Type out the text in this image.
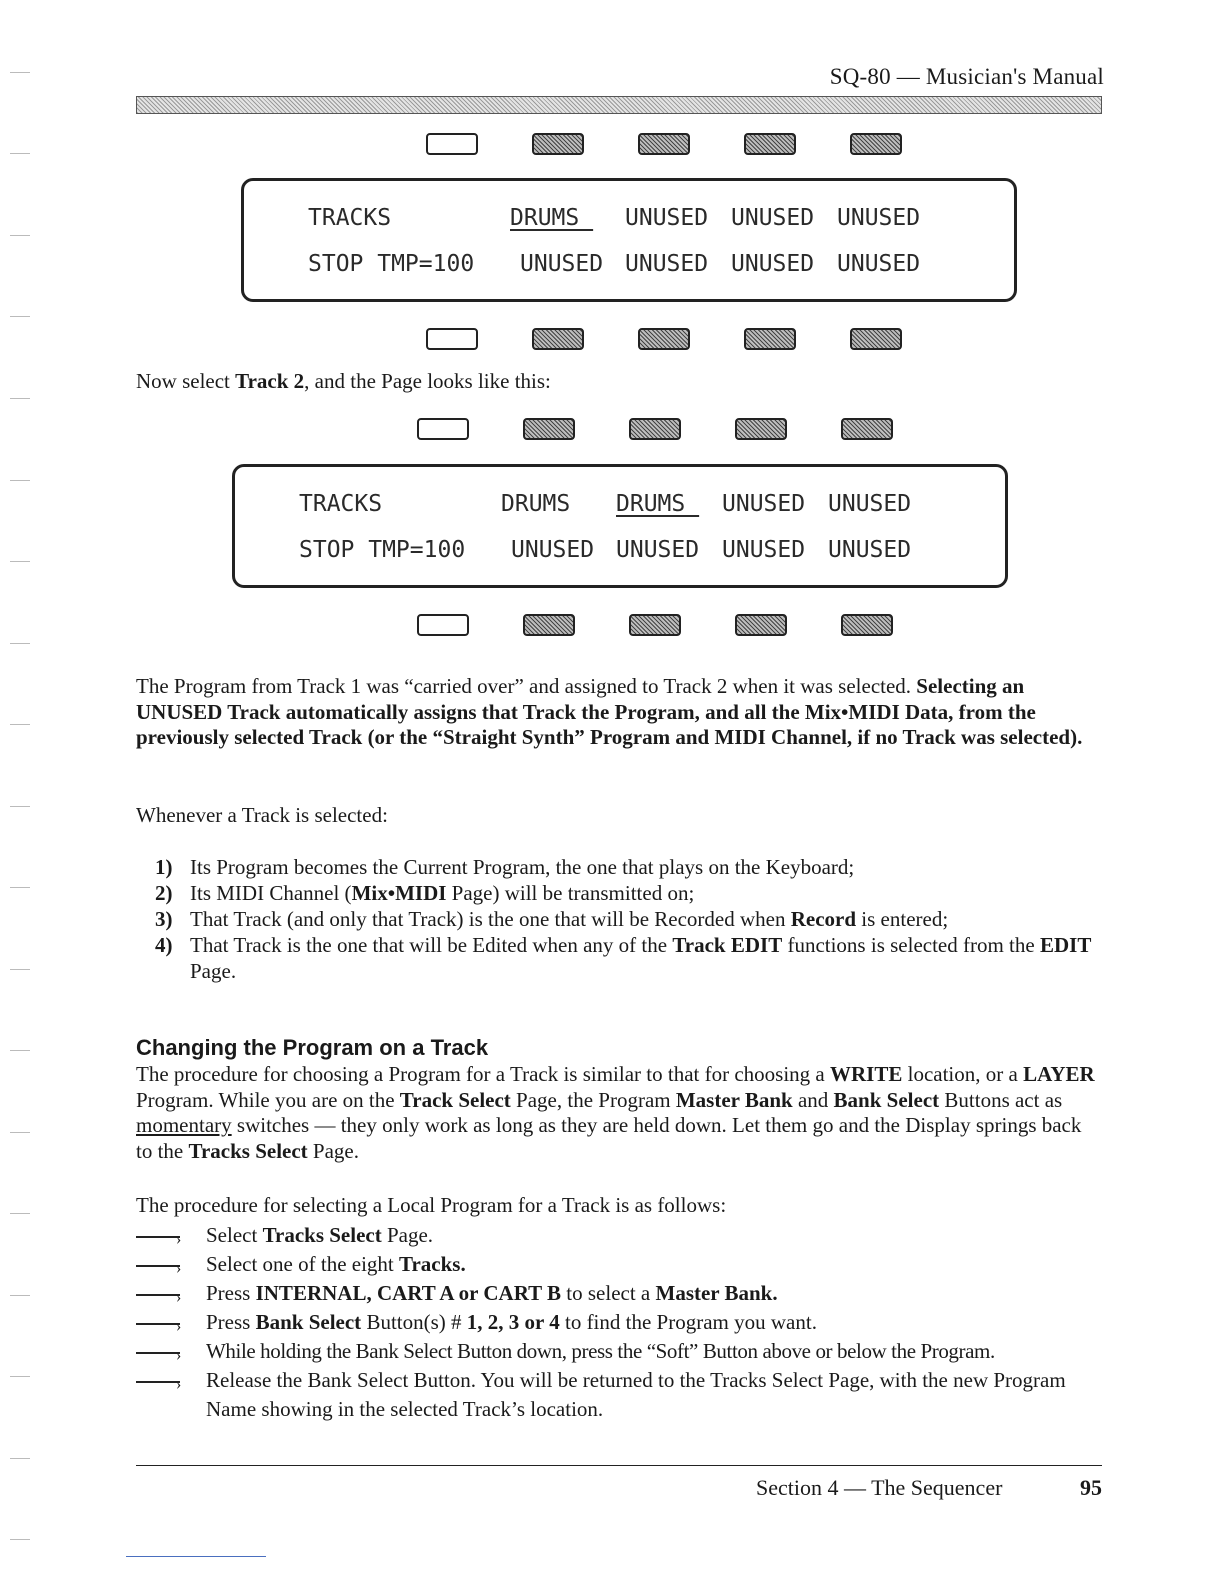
SQ-80 — Musician's Manual
TRACKS	DRUMS_ UNUSED UNUSED UNUSED
STOP TMP=100 UNUSED UNUSED UNUSED UNUSED
Now select Track 2, and the Page looks like this:
TRACKS	DRUMS DRUMS_ UNUSED UNUSED
STOP TMP=100 UNUSED UNUSED UNUSED UNUSED
The Program from Track 1 was “carried over” and assigned to Track 2 when it was selected. Selecting an UNUSED Track automatically assigns that Track the Program, and all the Mix•MIDI Data, from the previously selected Track (or the “Straight Synth” Program and MIDI Channel, if no Track was selected).
Whenever a Track is selected:
1) Its Program becomes the Current Program, the one that plays on the Keyboard;
2) Its MIDI Channel (Mix•MIDI Page) will be transmitted on;
3) That Track (and only that Track) is the one that will be Recorded when Record is entered;
4) That Track is the one that will be Edited when any of the Track EDIT functions is selected from the EDIT Page.
Changing the Program on a Track
The procedure for choosing a Program for a Track is similar to that for choosing a WRITE location, or a LAYER Program. While you are on the Track Select Page, the Program Master Bank and Bank Select Buttons act as momentary switches — they only work as long as they are held down. Let them go and the Display springs back to the Tracks Select Page.
The procedure for selecting a Local Program for a Track is as follows:
› Select Tracks Select Page.
› Select one of the eight Tracks.
› Press INTERNAL, CART A or CART B to select a Master Bank.
› Press Bank Select Button(s) # 1, 2, 3 or 4 to find the Program you want.
› While holding the Bank Select Button down, press the “Soft” Button above or below the Program.
› Release the Bank Select Button. You will be returned to the Tracks Select Page, with the new Program Name showing in the selected Track’s location.
Section 4 — The Sequencer	95
